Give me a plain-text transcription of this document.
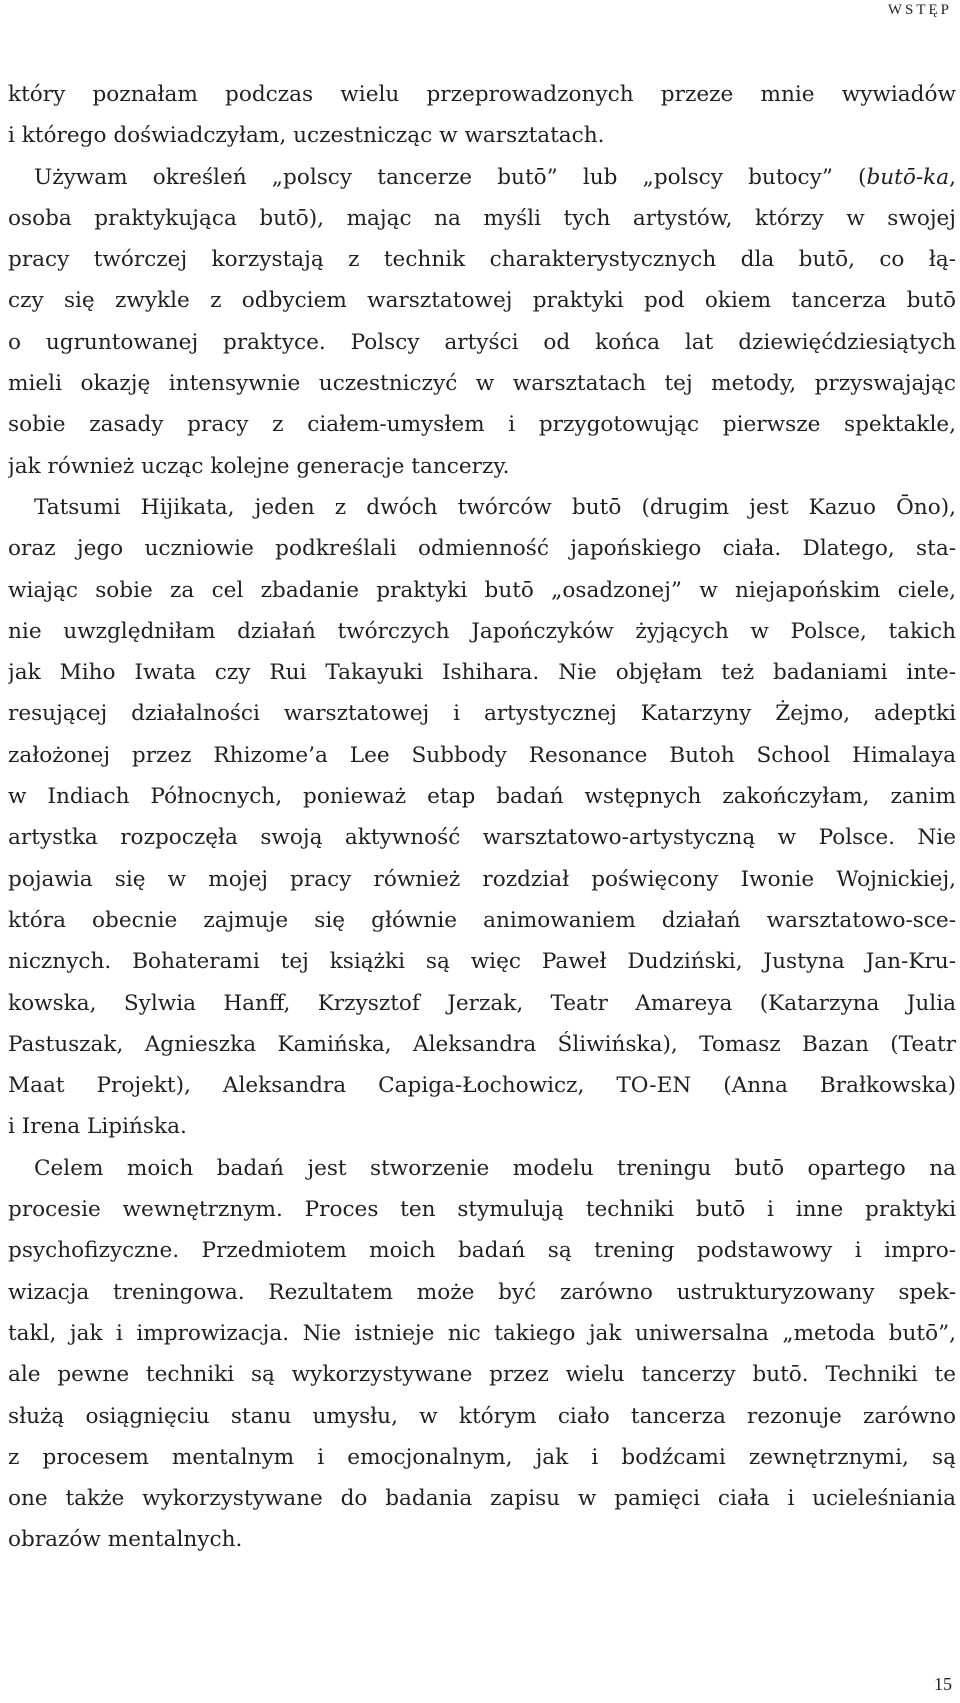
WSTĘP
który poznałam podczas wielu przeprowadzonych przeze mnie wywiadów
i którego doświadczyłam, uczestnicząc w warsztatach.
Używam określeń „polscy tancerze butō” lub „polscy butocy” (butō-ka,
osoba praktykująca butō), mając na myśli tych artystów, którzy w swojej
pracy twórczej korzystają z technik charakterystycznych dla butō, co łą-
czy się zwykle z odbyciem warsztatowej praktyki pod okiem tancerza butō
o ugruntowanej praktyce. Polscy artyści od końca lat dziewięćdziesiątych
mieli okazję intensywnie uczestniczyć w warsztatach tej metody, przyswajając
sobie zasady pracy z ciałem-umysłem i przygotowując pierwsze spektakle,
jak również ucząc kolejne generacje tancerzy.
Tatsumi Hijikata, jeden z dwóch twórców butō (drugim jest Kazuo Ōno),
oraz jego uczniowie podkreślali odmienność japońskiego ciała. Dlatego, sta-
wiając sobie za cel zbadanie praktyki butō „osadzonej” w niejapońskim ciele,
nie uwzględniłam działań twórczych Japończyków żyjących w Polsce, takich
jak Miho Iwata czy Rui Takayuki Ishihara. Nie objęłam też badaniami inte-
resującej działalności warsztatowej i artystycznej Katarzyny Żejmo, adeptki
założonej przez Rhizome’a Lee Subbody Resonance Butoh School Himalaya
w Indiach Północnych, ponieważ etap badań wstępnych zakończyłam, zanim
artystka rozpoczęła swoją aktywność warsztatowo-artystyczną w Polsce. Nie
pojawia się w mojej pracy również rozdział poświęcony Iwonie Wojnickiej,
która obecnie zajmuje się głównie animowaniem działań warsztatowo-sce-
nicznych. Bohaterami tej książki są więc Paweł Dudziński, Justyna Jan-Kru-
kowska, Sylwia Hanff, Krzysztof Jerzak, Teatr Amareya (Katarzyna Julia
Pastuszak, Agnieszka Kamińska, Aleksandra Śliwińska), Tomasz Bazan (Teatr
Maat Projekt), Aleksandra Capiga-Łochowicz, TO-EN (Anna Brałkowska)
i Irena Lipińska.
Celem moich badań jest stworzenie modelu treningu butō opartego na
procesie wewnętrznym. Proces ten stymulują techniki butō i inne praktyki
psychofizyczne. Przedmiotem moich badań są trening podstawowy i impro-
wizacja treningowa. Rezultatem może być zarówno ustrukturyzowany spek-
takl, jak i improwizacja. Nie istnieje nic takiego jak uniwersalna „metoda butō”,
ale pewne techniki są wykorzystywane przez wielu tancerzy butō. Techniki te
służą osiągnięciu stanu umysłu, w którym ciało tancerza rezonuje zarówno
z procesem mentalnym i emocjonalnym, jak i bodźcami zewnętrznymi, są
one także wykorzystywane do badania zapisu w pamięci ciała i ucieleśniania
obrazów mentalnych.
15
